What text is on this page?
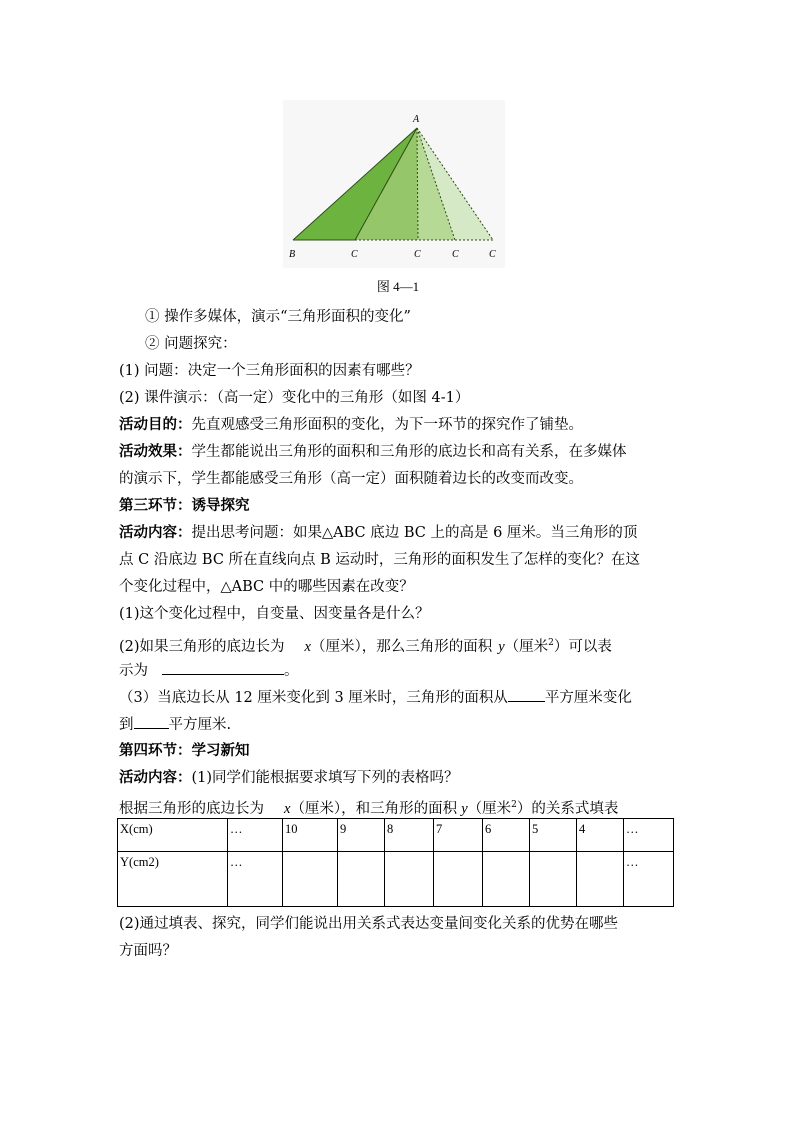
A
B	C	C	C	C
图 4—1
① 操作多媒体，演示“三角形面积的变化”
② 问题探究：
(1) 问题：决定一个三角形面积的因素有哪些？
(2) 课件演示：（高一定）变化中的三角形（如图 4-1）
活动目的：先直观感受三角形面积的变化，为下一环节的探究作了铺垫。
活动效果：学生都能说出三角形的面积和三角形的底边长和高有关系，在多媒体
的演示下，学生都能感受三角形（高一定）面积随着边长的改变而改变。
第三环节：诱导探究
活动内容：提出思考问题：如果△ABC 底边 BC 上的高是 6 厘米。当三角形的顶
点 C 沿底边 BC 所在直线向点 B 运动时，三角形的面积发生了怎样的变化？在这
个变化过程中，△ABC 中的哪些因素在改变？
(1)这个变化过程中，自变量、因变量各是什么？
(2)如果三角形的底边长为 x（厘米），那么三角形的面积 y（厘米$^2$）可以表
示为	。
（3）当底边长从 12 厘米变化到 3 厘米时，三角形的面积从	平方厘米变化
到 平方厘米.
第四环节：学习新知
活动内容：(1)同学们能根据要求填写下列的表格吗？
根据三角形的底边长为 x（厘米），和三角形的面积 y（厘米$^2$）的关系式填表
X(cm)	…	10	9	8	7	6	5	4	…
Y(cm2)	…								…
(2)通过填表、探究，同学们能说出用关系式表达变量间变化关系的优势在哪些
方面吗？
